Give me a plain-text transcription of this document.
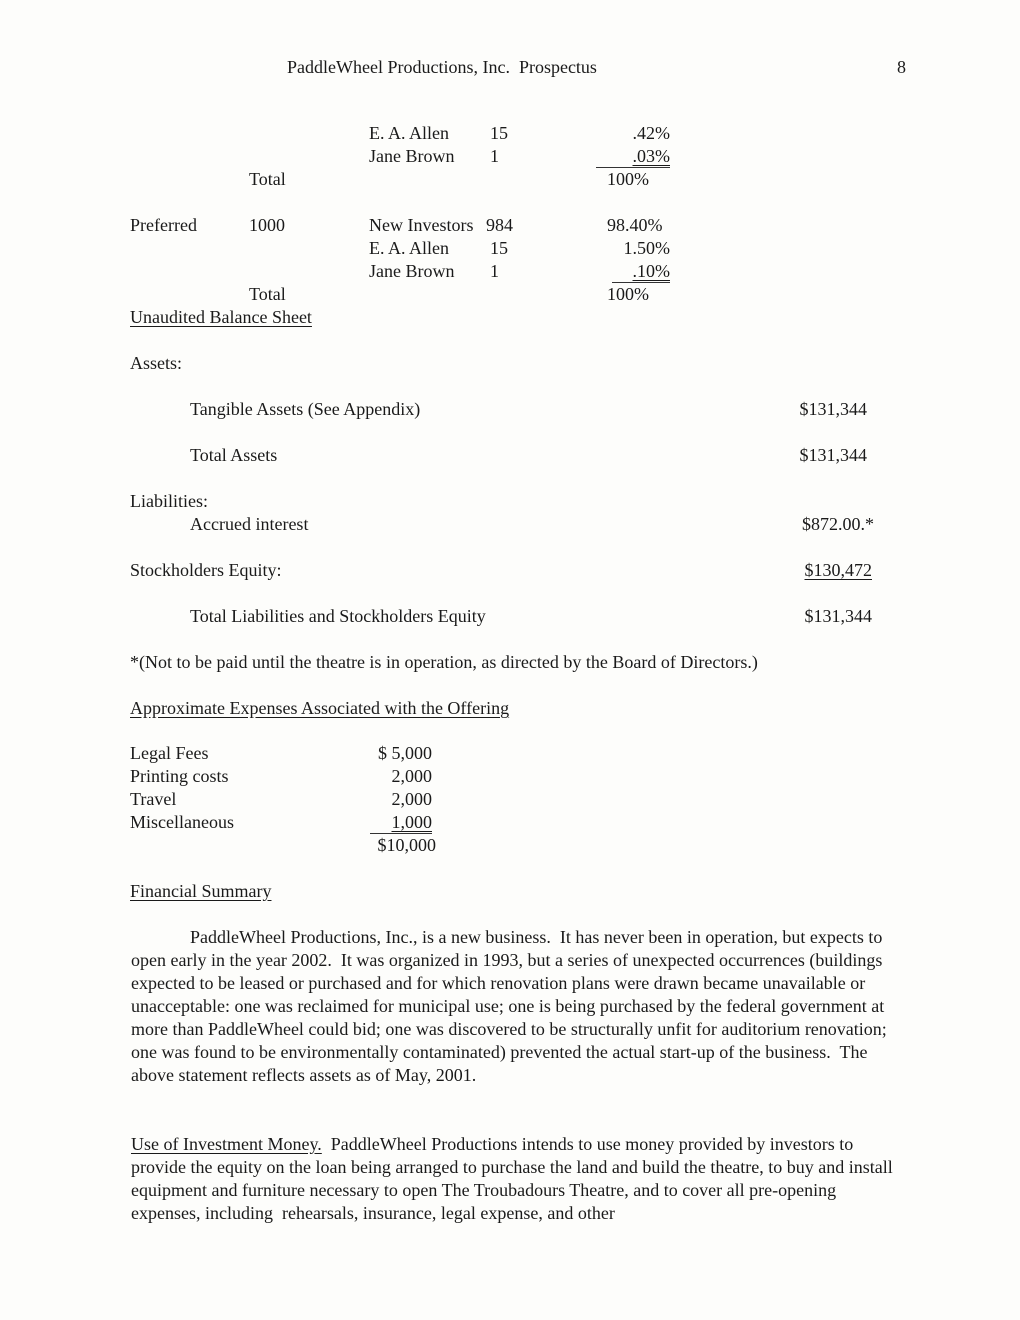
PaddleWheel Productions, Inc.  Prospectus	8
E. A. Allen 15	.42%
Jane Brown 1	.03%
Total	100%
Preferred	1000	New Investors 984	98.40%
E. A. Allen 15	1.50%
Jane Brown 1	.10%
Total	100%
Unaudited Balance Sheet
Assets:
Tangible Assets (See Appendix)	$131,344
Total Assets	$131,344
Liabilities:
Accrued interest	$872.00.*
Stockholders Equity:	$130,472
Total Liabilities and Stockholders Equity	$131,344
*(Not to be paid until the theatre is in operation, as directed by the Board of Directors.)
Approximate Expenses Associated with the Offering
Legal Fees	$ 5,000
Printing costs	2,000
Travel	2,000
Miscellaneous	1,000
$10,000
Financial Summary
PaddleWheel Productions, Inc., is a new business.  It has never been in operation, but expects to open early in the year 2002.  It was organized in 1993, but a series of unexpected occurrences (buildings expected to be leased or purchased and for which renovation plans were drawn became unavailable or unacceptable: one was reclaimed for municipal use; one is being purchased by the federal government at more than PaddleWheel could bid; one was discovered to be structurally unfit for auditorium renovation; one was found to be environmentally contaminated) prevented the actual start-up of the business.  The above statement reflects assets as of May, 2001.
Use of Investment Money. PaddleWheel Productions intends to use money provided by investors to provide the equity on the loan being arranged to purchase the land and build the theatre, to buy and install equipment and furniture necessary to open The Troubadours Theatre, and to cover all pre-opening expenses, including  rehearsals, insurance, legal expense, and other
